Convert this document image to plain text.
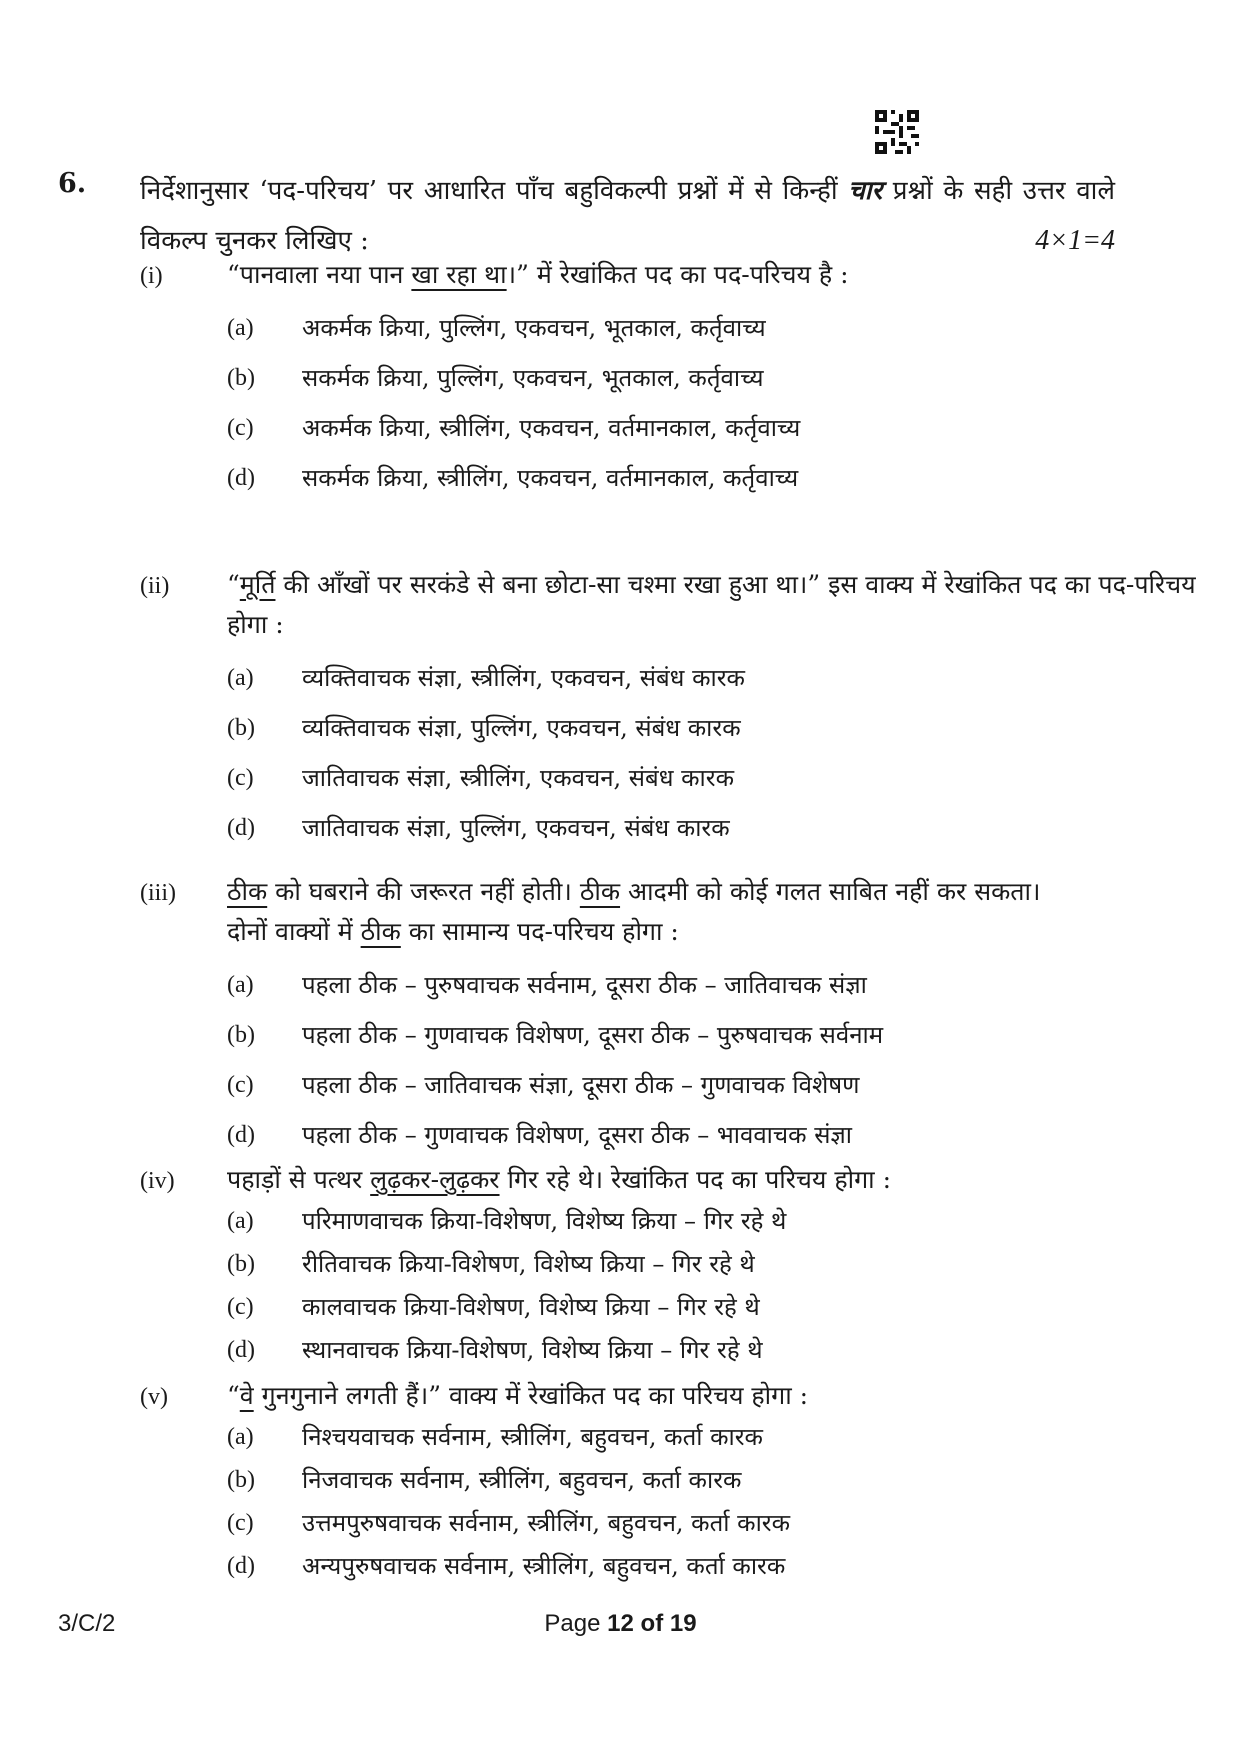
6. निर्देशानुसार ‘पद-परिचय’ पर आधारित पाँच बहुविकल्पी प्रश्नों में से किन्हीं चार प्रश्नों के सही उत्तर वाले विकल्प चुनकर लिखिए :	4×1=4
(i)	“पानवाला नया पान खा रहा था।” में रेखांकित पद का पद-परिचय है :
(a) अकर्मक क्रिया, पुल्लिंग, एकवचन, भूतकाल, कर्तृवाच्य
(b) सकर्मक क्रिया, पुल्लिंग, एकवचन, भूतकाल, कर्तृवाच्य
(c) अकर्मक क्रिया, स्त्रीलिंग, एकवचन, वर्तमानकाल, कर्तृवाच्य
(d) सकर्मक क्रिया, स्त्रीलिंग, एकवचन, वर्तमानकाल, कर्तृवाच्य
(ii) “मूर्ति की आँखों पर सरकंडे से बना छोटा-सा चश्मा रखा हुआ था।” इस वाक्य में रेखांकित पद का पद-परिचय होगा :
(a) व्यक्तिवाचक संज्ञा, स्त्रीलिंग, एकवचन, संबंध कारक
(b) व्यक्तिवाचक संज्ञा, पुल्लिंग, एकवचन, संबंध कारक
(c) जातिवाचक संज्ञा, स्त्रीलिंग, एकवचन, संबंध कारक
(d) जातिवाचक संज्ञा, पुल्लिंग, एकवचन, संबंध कारक
(iii) ठीक को घबराने की जरूरत नहीं होती। ठीक आदमी को कोई गलत साबित नहीं कर सकता।
दोनों वाक्यों में ठीक का सामान्य पद-परिचय होगा :
(a) पहला ठीक – पुरुषवाचक सर्वनाम, दूसरा ठीक – जातिवाचक संज्ञा
(b) पहला ठीक – गुणवाचक विशेषण, दूसरा ठीक – पुरुषवाचक सर्वनाम
(c) पहला ठीक – जातिवाचक संज्ञा, दूसरा ठीक – गुणवाचक विशेषण
(d) पहला ठीक – गुणवाचक विशेषण, दूसरा ठीक – भाववाचक संज्ञा
(iv) पहाड़ों से पत्थर लुढ़कर-लुढ़कर गिर रहे थे। रेखांकित पद का परिचय होगा :
(a) परिमाणवाचक क्रिया-विशेषण, विशेष्य क्रिया – गिर रहे थे
(b) रीतिवाचक क्रिया-विशेषण, विशेष्य क्रिया – गिर रहे थे
(c) कालवाचक क्रिया-विशेषण, विशेष्य क्रिया – गिर रहे थे
(d) स्थानवाचक क्रिया-विशेषण, विशेष्य क्रिया – गिर रहे थे
(v) “वे गुनगुनाने लगती हैं।” वाक्य में रेखांकित पद का परिचय होगा :
(a) निश्चयवाचक सर्वनाम, स्त्रीलिंग, बहुवचन, कर्ता कारक
(b) निजवाचक सर्वनाम, स्त्रीलिंग, बहुवचन, कर्ता कारक
(c) उत्तमपुरुषवाचक सर्वनाम, स्त्रीलिंग, बहुवचन, कर्ता कारक
(d) अन्यपुरुषवाचक सर्वनाम, स्त्रीलिंग, बहुवचन, कर्ता कारक
3/C/2	Page 12 of 19
